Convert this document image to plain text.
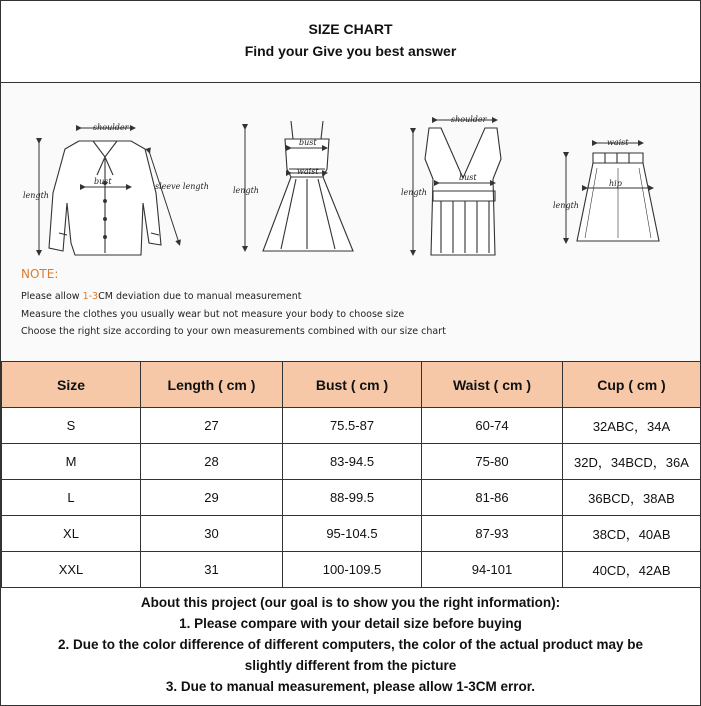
SIZE CHART
Find your Give you best answer
shoulder
bust
length
sleeve length
bust
waist
length
shoulder
bust
length
waist
hip
length
NOTE:
Please allow 1-3CM deviation due to manual measurement
Measure the clothes you usually wear but not measure your body to choose size
Choose the right size according to your own measurements combined with our size chart
Size	Length ( cm )	Bust ( cm )	Waist ( cm )	Cup ( cm )
S	27	75.5-87	60-74	32ABC，34A
M	28	83-94.5	75-80	32D，34BCD，36A
L	29	88-99.5	81-86	36BCD，38AB
XL	30	95-104.5	87-93	38CD，40AB
XXL	31	100-109.5	94-101	40CD，42AB
About this project (our goal is to show you the right information):
1. Please compare with your detail size before buying
2. Due to the color difference of different computers, the color of the actual product may be
slightly different from the picture
3. Due to manual measurement, please allow 1-3CM error.
